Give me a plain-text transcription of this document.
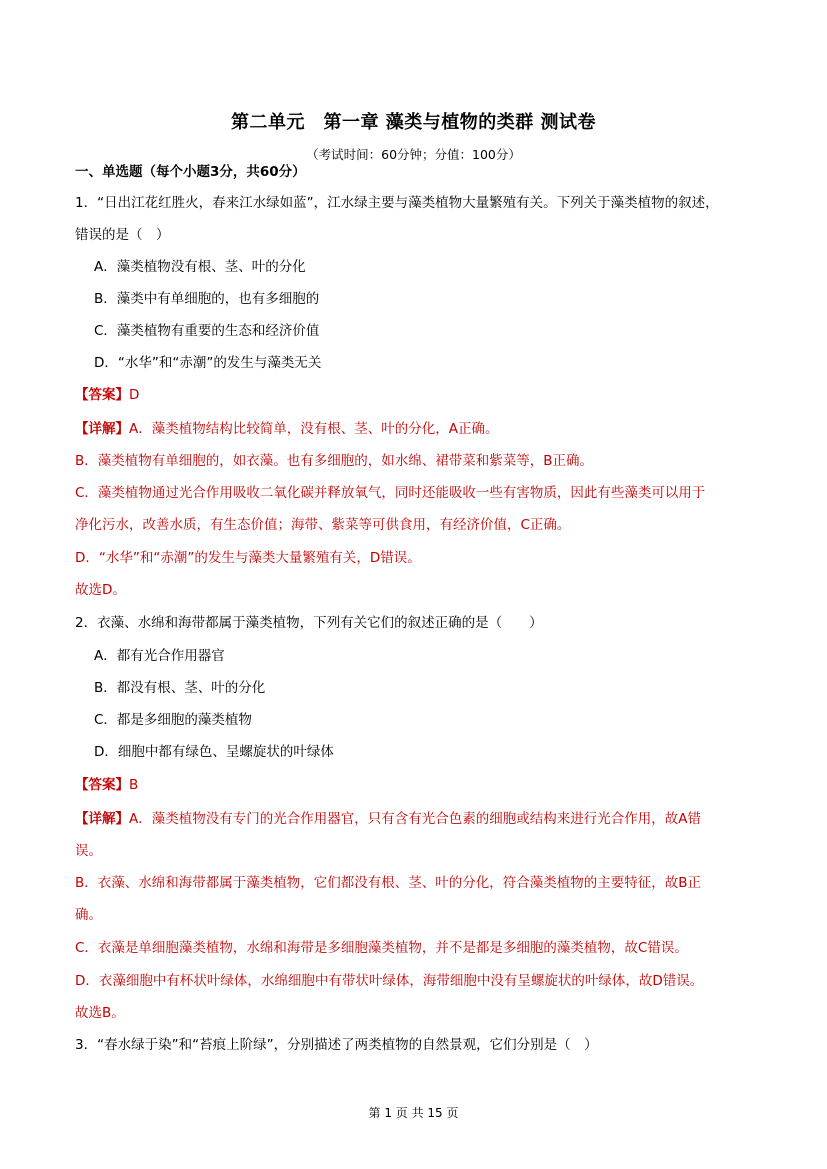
第二单元　第一章 藻类与植物的类群 测试卷
（考试时间：60分钟；分值：100分）
一、单选题（每个小题3分，共60分）
1．“日出江花红胜火，春来江水绿如蓝”，江水绿主要与藻类植物大量繁殖有关。下列关于藻类植物的叙述，
错误的是（　）
A．藻类植物没有根、茎、叶的分化
B．藻类中有单细胞的，也有多细胞的
C．藻类植物有重要的生态和经济价值
D．“水华”和“赤潮”的发生与藻类无关
【答案】D
【详解】A．藻类植物结构比较简单，没有根、茎、叶的分化，A正确。
B．藻类植物有单细胞的，如衣藻。也有多细胞的，如水绵、裙带菜和紫菜等，B正确。
C．藻类植物通过光合作用吸收二氧化碳并释放氧气，同时还能吸收一些有害物质，因此有些藻类可以用于
净化污水，改善水质，有生态价值；海带、紫菜等可供食用，有经济价值，C正确。
D．“水华”和“赤潮”的发生与藻类大量繁殖有关，D错误。
故选D。
2．衣藻、水绵和海带都属于藻类植物，下列有关它们的叙述正确的是（　　）
A．都有光合作用器官
B．都没有根、茎、叶的分化
C．都是多细胞的藻类植物
D．细胞中都有绿色、呈螺旋状的叶绿体
【答案】B
【详解】A．藻类植物没有专门的光合作用器官，只有含有光合色素的细胞或结构来进行光合作用，故A错
误。
B．衣藻、水绵和海带都属于藻类植物，它们都没有根、茎、叶的分化，符合藻类植物的主要特征，故B正
确。
C．衣藻是单细胞藻类植物，水绵和海带是多细胞藻类植物，并不是都是多细胞的藻类植物，故C错误。
D．衣藻细胞中有杯状叶绿体，水绵细胞中有带状叶绿体，海带细胞中没有呈螺旋状的叶绿体，故D错误。
故选B。
3．“春水绿于染”和“苔痕上阶绿”，分别描述了两类植物的自然景观，它们分别是（　）
第 1 页 共 15 页
